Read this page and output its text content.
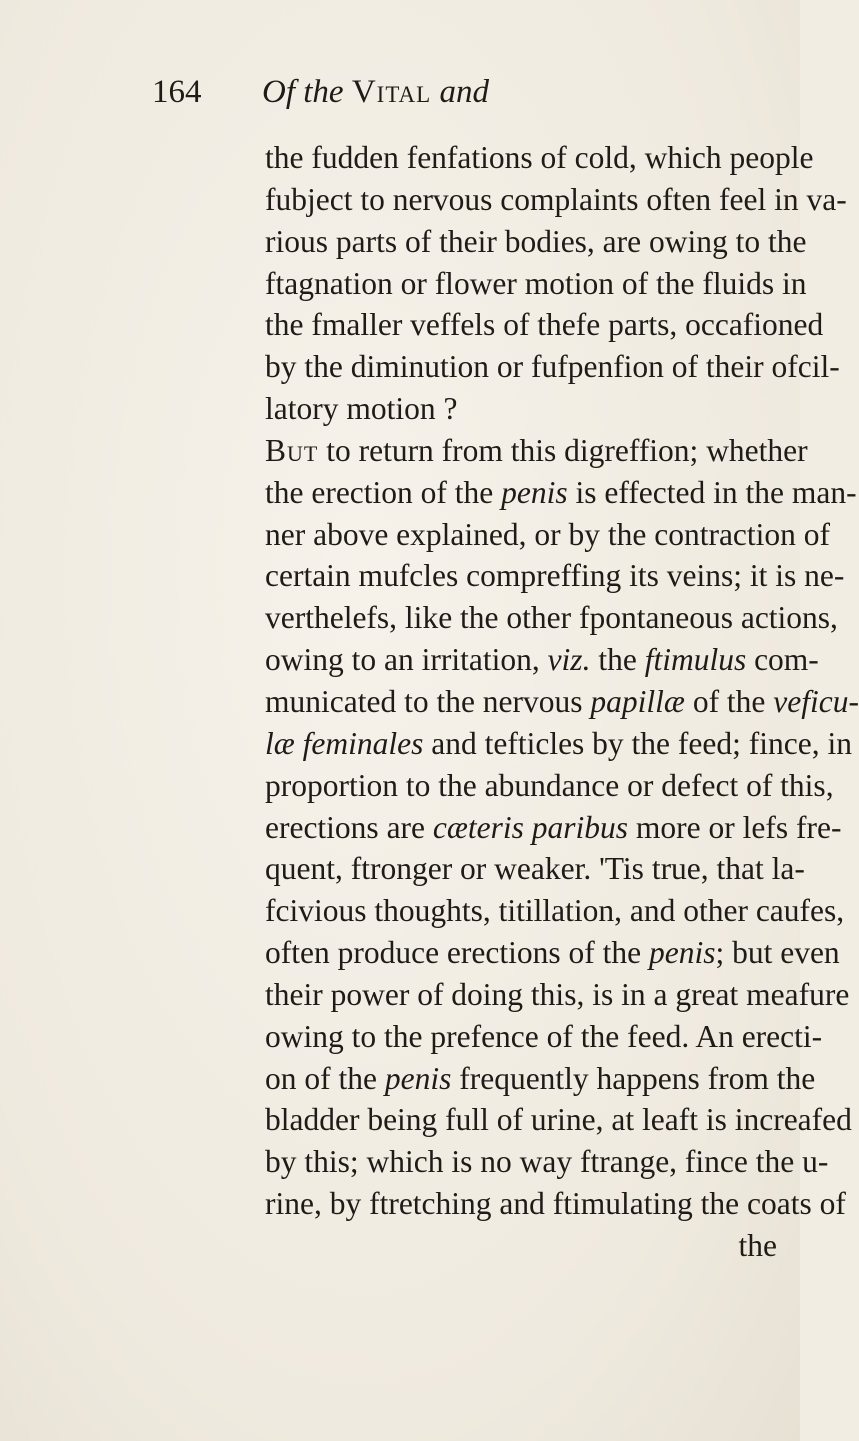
164 Of the Vital and
the fudden fenfations of cold, which people
fubject to nervous complaints often feel in va-
rious parts of their bodies, are owing to the
ftagnation or flower motion of the fluids in
the fmaller veffels of thefe parts, occafioned
by the diminution or fufpenfion of their ofcil-
latory motion ?
But to return from this digreffion; whether
the erection of the penis is effected in the man-
ner above explained, or by the contraction of
certain mufcles compreffing its veins; it is ne-
verthelefs, like the other fpontaneous actions,
owing to an irritation, viz. the ftimulus com-
municated to the nervous papillæ of the veficu-
læ feminales and tefticles by the feed; fince, in
proportion to the abundance or defect of this,
erections are cæteris paribus more or lefs fre-
quent, ftronger or weaker. 'Tis true, that la-
fcivious thoughts, titillation, and other caufes,
often produce erections of the penis; but even
their power of doing this, is in a great meafure
owing to the prefence of the feed. An erecti-
on of the penis frequently happens from the
bladder being full of urine, at leaft is increafed
by this; which is no way ftrange, fince the u-
rine, by ftretching and ftimulating the coats of
the
